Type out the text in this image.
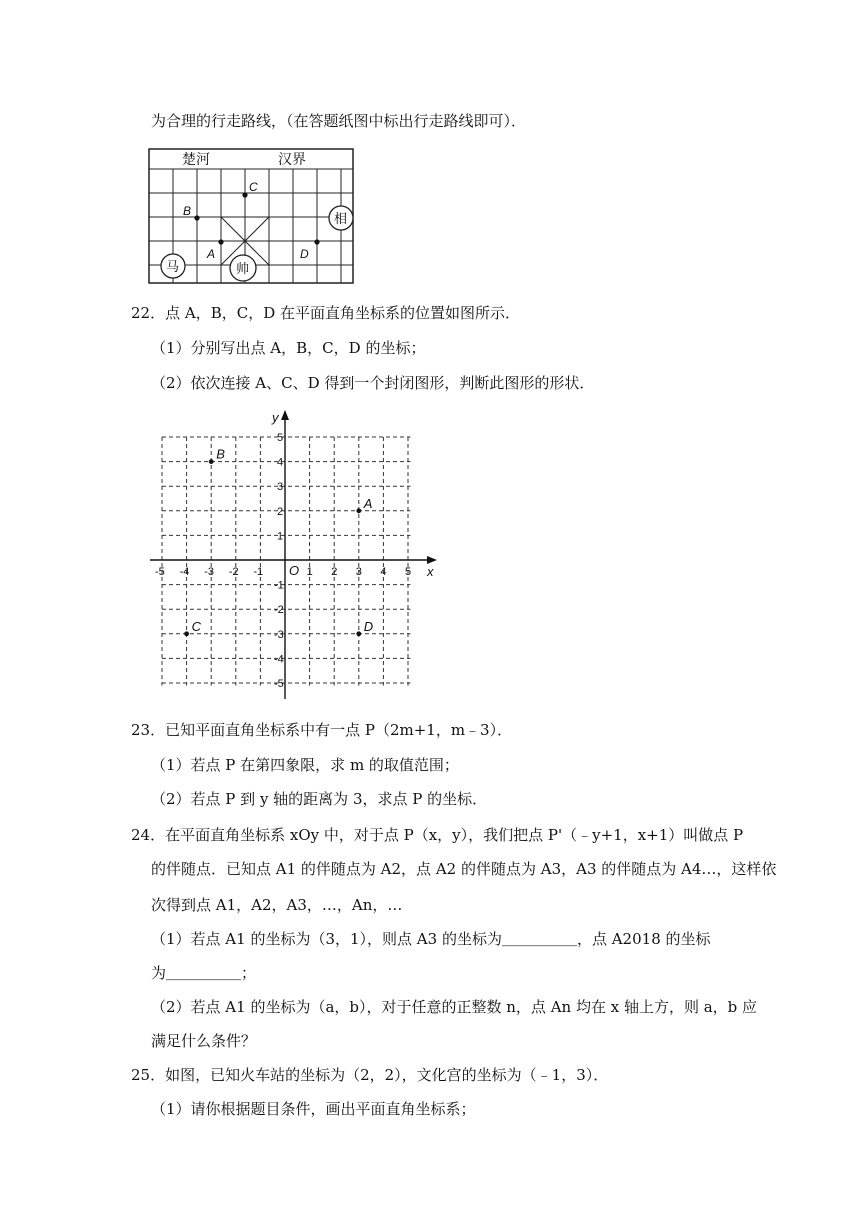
为合理的行走路线，（在答题纸图中标出行走路线即可）．
楚河	汉界
C
B
A	D
马	帅
相
22．点 A，B，C，D 在平面直角坐标系的位置如图所示．
（1）分别写出点 A，B，C，D 的坐标；
（2）依次连接 A、C、D 得到一个封闭图形，判断此图形的形状．
x
y
O
-5 -4 -3 -2 -1	1 2 3 4 5
5
4
3
2
1
-1
-2
-3
-4
-5
A
B
C	D
23．已知平面直角坐标系中有一点 P（2m+1，m﹣3）．
（1）若点 P 在第四象限，求 m 的取值范围；
（2）若点 P 到 y 轴的距离为 3，求点 P 的坐标．
24．在平面直角坐标系 xOy 中，对于点 P（x，y），我们把点 P'（﹣y+1，x+1）叫做点 P
的伴随点．已知点 A1 的伴随点为 A2，点 A2 的伴随点为 A3，A3 的伴随点为 A4…，这样依
次得到点 A1，A2，A3，…，An，…
（1）若点 A1 的坐标为（3，1），则点 A3 的坐标为＿＿＿＿＿，点 A2018 的坐标
为＿＿＿＿＿；
（2）若点 A1 的坐标为（a，b），对于任意的正整数 n，点 An 均在 x 轴上方，则 a，b 应
满足什么条件？
25．如图，已知火车站的坐标为（2，2），文化宫的坐标为（﹣1，3）．
（1）请你根据题目条件，画出平面直角坐标系；
